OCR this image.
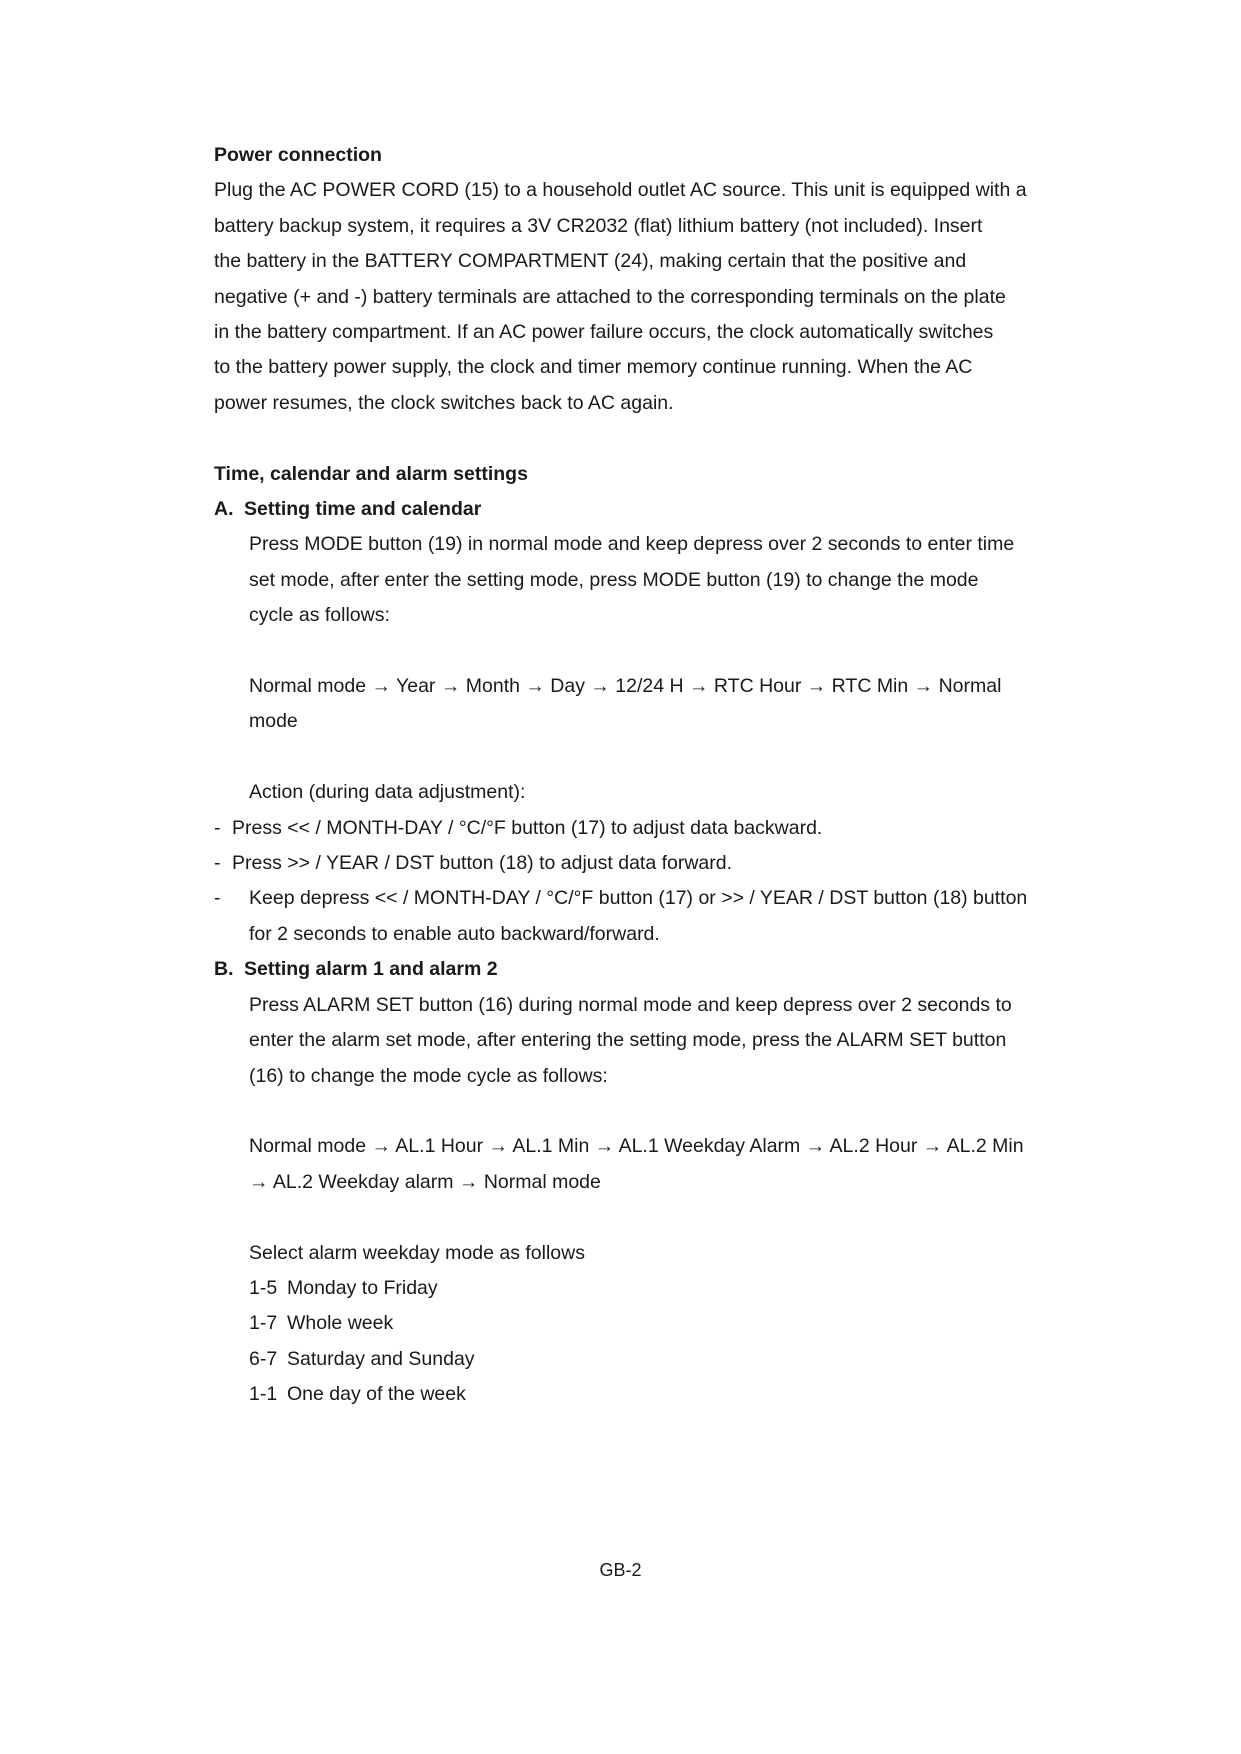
Power connection

Plug the AC POWER CORD (15) to a household outlet AC source. This unit is equipped with a

battery backup system, it requires a 3V CR2032 (flat) lithium battery (not included). Insert

the battery in the BATTERY COMPARTMENT (24), making certain that the positive and

negative (+ and -) battery terminals are attached to the corresponding terminals on the plate

in the battery compartment. If an AC power failure occurs, the clock automatically switches

to the battery power supply, the clock and timer memory continue running. When the AC

power resumes, the clock switches back to AC again.

Time, calendar and alarm settings

A. Setting time and calendar

Press MODE button (19) in normal mode and keep depress over 2 seconds to enter time

set mode, after enter the setting mode, press MODE button (19) to change the mode

cycle as follows:

Normal mode → Year → Month → Day → 12/24 H → RTC Hour → RTC Min → Normal

mode

Action (during data adjustment):

- Press << / MONTH-DAY / °C/°F button (17) to adjust data backward.

- Press >> / YEAR / DST button (18) to adjust data forward.

-	Keep depress << / MONTH-DAY / °C/°F button (17) or >> / YEAR / DST button (18) button
for 2 seconds to enable auto backward/forward.

B. Setting alarm 1 and alarm 2

Press ALARM SET button (16) during normal mode and keep depress over 2 seconds to

enter the alarm set mode, after entering the setting mode, press the ALARM SET button

(16) to change the mode cycle as follows:

Normal mode → AL.1 Hour → AL.1 Min → AL.1 Weekday Alarm → AL.2 Hour → AL.2 Min

→ AL.2 Weekday alarm → Normal mode

Select alarm weekday mode as follows

1-5 Monday to Friday

1-7 Whole week

6-7 Saturday and Sunday

1-1 One day of the week

GB-2
